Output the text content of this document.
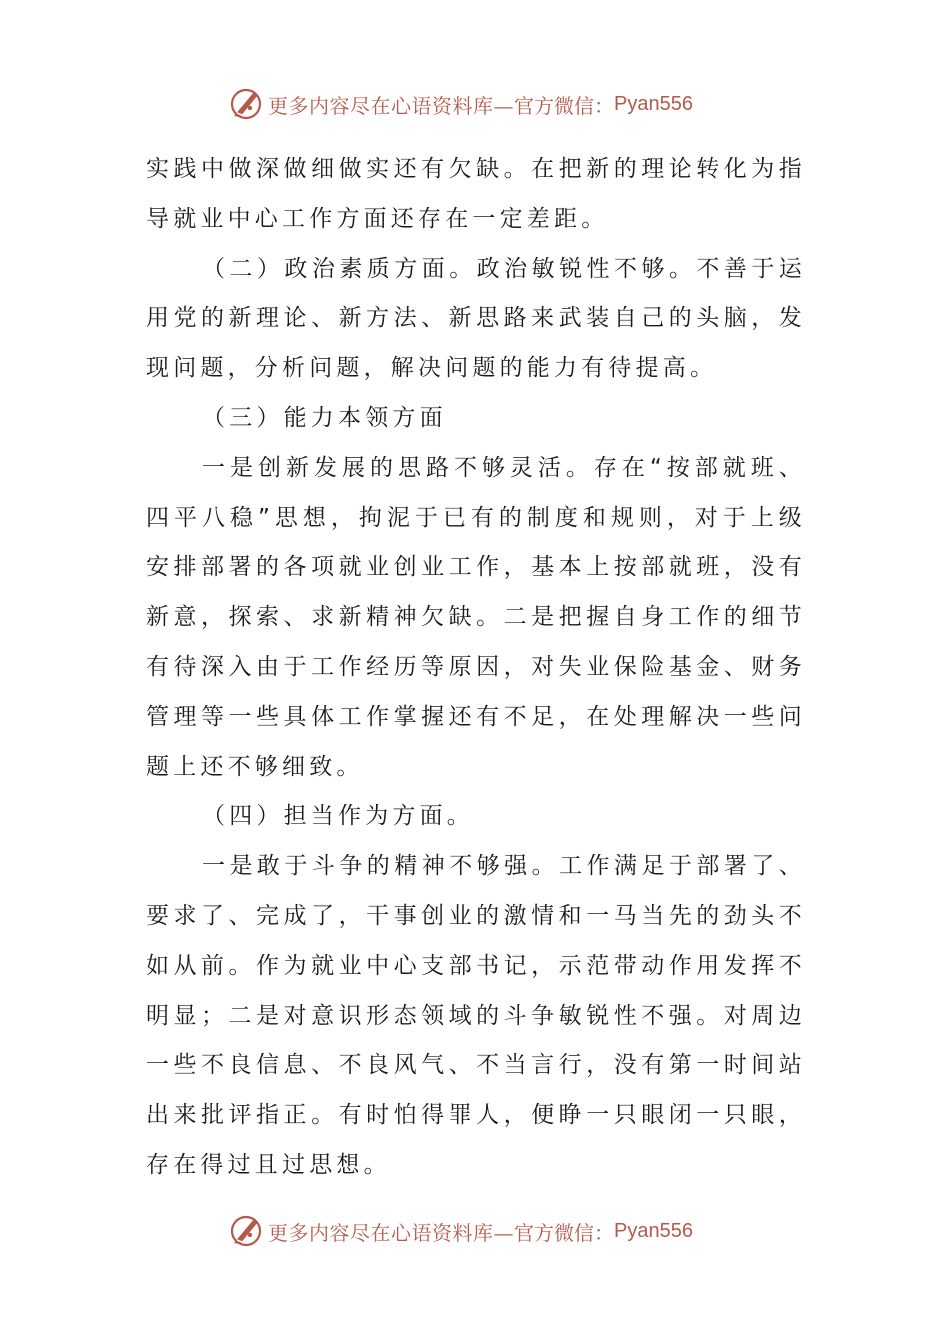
更多内容尽在心语资料库— 官方微信： Pyan556

实践中做深做细做实还有欠缺。在把新的理论转化为指导就业中心工作方面还存在一定差距。

（二）政治素质方面。政治敏锐性不够。不善于运用党的新理论、新方法、新思路来武装自己的头脑，发现问题，分析问题，解决问题的能力有待提高。

（三）能力本领方面

一是创新发展的思路不够灵活。存在“按部就班、四平八稳”思想，拘泥于已有的制度和规则，对于上级安排部署的各项就业创业工作，基本上按部就班，没有新意，探索、求新精神欠缺。二是把握自身工作的细节有待深入由于工作经历等原因，对失业保险基金、财务管理等一些具体工作掌握还有不足，在处理解决一些问题上还不够细致。

（四）担当作为方面。

一是敢于斗争的精神不够强。工作满足于部署了、要求了、完成了，干事创业的激情和一马当先的劲头不如从前。作为就业中心支部书记，示范带动作用发挥不明显；二是对意识形态领域的斗争敏锐性不强。对周边一些不良信息、不良风气、不当言行，没有第一时间站出来批评指正。有时怕得罪人，便睁一只眼闭一只眼，存在得过且过思想。

更多内容尽在心语资料库— 官方微信： Pyan556
